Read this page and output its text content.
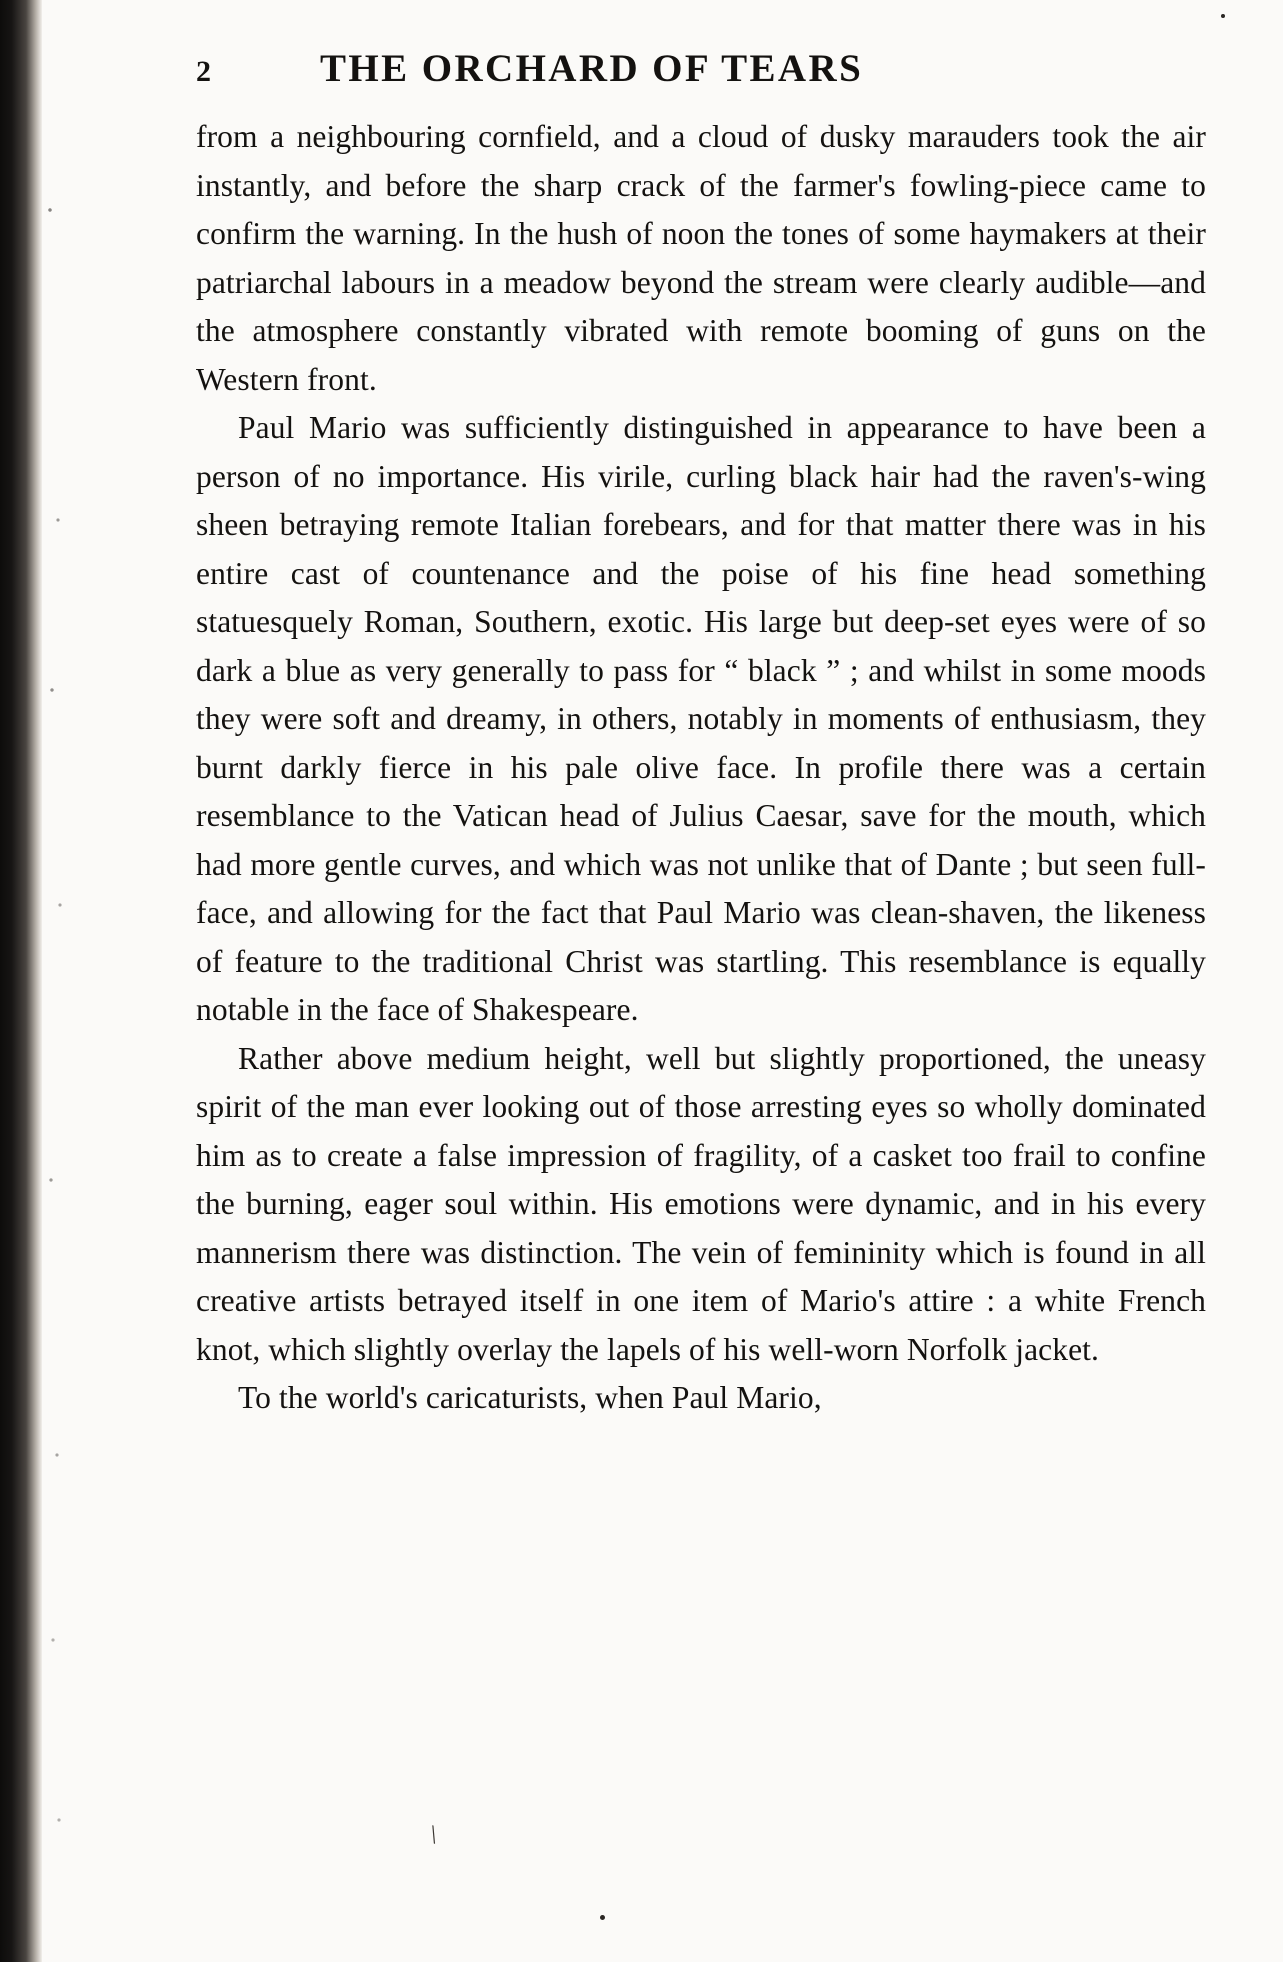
\
2	THE ORCHARD OF TEARS

from a neighbouring cornfield, and a cloud of dusky marauders took the air instantly, and before the sharp crack of the farmer's fowling-piece came to confirm the warning. In the hush of noon the tones of some haymakers at their patriarchal labours in a meadow beyond the stream were clearly audible—and the atmosphere constantly vibrated with remote booming of guns on the Western front.

Paul Mario was sufficiently distinguished in appearance to have been a person of no importance. His virile, curling black hair had the raven's-wing sheen betraying remote Italian forebears, and for that matter there was in his entire cast of countenance and the poise of his fine head something statuesquely Roman, Southern, exotic. His large but deep-set eyes were of so dark a blue as very generally to pass for “ black ” ; and whilst in some moods they were soft and dreamy, in others, notably in moments of enthusiasm, they burnt darkly fierce in his pale olive face. In profile there was a certain resemblance to the Vatican head of Julius Caesar, save for the mouth, which had more gentle curves, and which was not unlike that of Dante ; but seen full-face, and allowing for the fact that Paul Mario was clean-shaven, the likeness of feature to the traditional Christ was startling. This resemblance is equally notable in the face of Shakespeare.

Rather above medium height, well but slightly proportioned, the uneasy spirit of the man ever looking out of those arresting eyes so wholly dominated him as to create a false impression of fragility, of a casket too frail to confine the burning, eager soul within. His emotions were dynamic, and in his every mannerism there was distinction. The vein of femininity which is found in all creative artists betrayed itself in one item of Mario's attire : a white French knot, which slightly overlay the lapels of his well-worn Norfolk jacket.

To the world's caricaturists, when Paul Mario,
